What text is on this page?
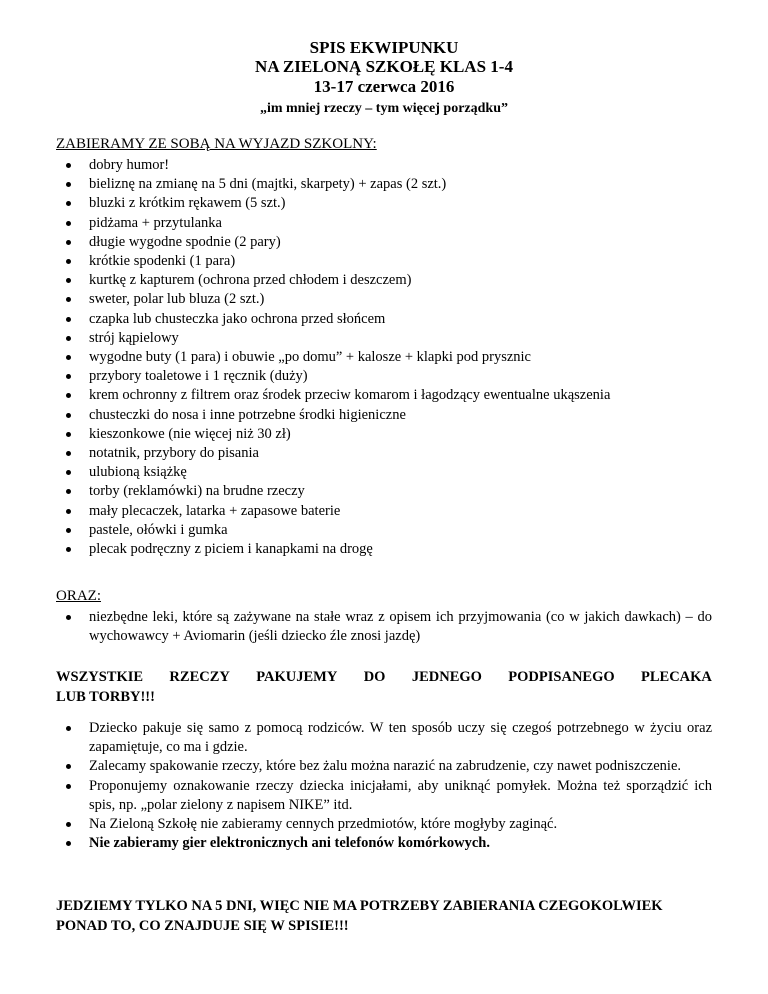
SPIS EKWIPUNKU
NA ZIELONĄ SZKOŁĘ KLAS 1-4
13-17 czerwca 2016
„im mniej rzeczy – tym więcej porządku”
ZABIERAMY ZE SOBĄ NA WYJAZD SZKOLNY:
dobry humor!
bieliznę na zmianę na 5 dni (majtki, skarpety) + zapas (2 szt.)
bluzki z krótkim rękawem (5 szt.)
pidżama + przytulanka
długie wygodne spodnie (2 pary)
krótkie spodenki (1 para)
kurtkę z kapturem (ochrona przed chłodem i deszczem)
sweter, polar lub bluza (2 szt.)
czapka lub chusteczka jako ochrona przed słońcem
strój kąpielowy
wygodne buty (1 para) i obuwie „po domu” + kalosze + klapki pod prysznic
przybory toaletowe i 1 ręcznik (duży)
krem ochronny z filtrem oraz środek przeciw komarom i łagodzący ewentualne ukąszenia
chusteczki do nosa i inne potrzebne środki higieniczne
kieszonkowe (nie więcej niż 30 zł)
notatnik, przybory do pisania
ulubioną książkę
torby (reklamówki) na brudne rzeczy
mały plecaczek, latarka + zapasowe baterie
pastele, ołówki i gumka
plecak podręczny z piciem i kanapkami na drogę
ORAZ:
niezbędne leki, które są zażywane na stałe wraz z opisem ich przyjmowania (co w jakich dawkach) – do wychowawcy + Aviomarin (jeśli dziecko źle znosi jazdę)
WSZYSTKIE RZECZY PAKUJEMY DO JEDNEGO PODPISANEGO PLECAKA
LUB TORBY!!!
Dziecko pakuje się samo z pomocą rodziców. W ten sposób uczy się czegoś potrzebnego w życiu oraz zapamiętuje, co ma i gdzie.
Zalecamy spakowanie rzeczy, które bez żalu można narazić na zabrudzenie, czy nawet podniszczenie.
Proponujemy oznakowanie rzeczy dziecka inicjałami, aby uniknąć pomyłek. Można też sporządzić ich spis, np. „polar zielony z napisem NIKE” itd.
Na Zieloną Szkołę nie zabieramy cennych przedmiotów, które mogłyby zaginąć.
Nie zabieramy gier elektronicznych ani telefonów komórkowych.
JEDZIEMY TYLKO NA 5 DNI, WIĘC NIE MA POTRZEBY ZABIERANIA CZEGOKOLWIEK
PONAD TO, CO ZNAJDUJE SIĘ W SPISIE!!!
